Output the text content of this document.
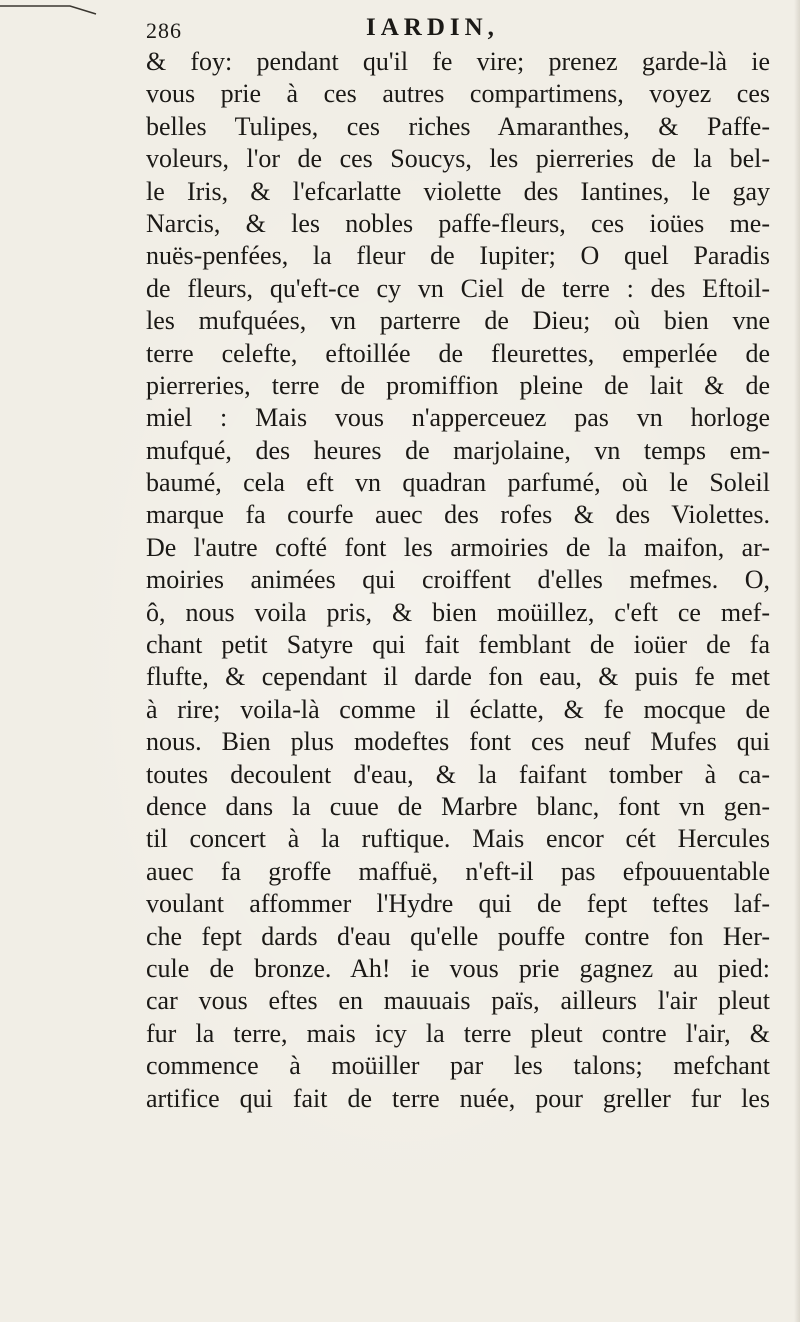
286	IARDIN,
& foy: pendant qu'il fe vire; prenez garde-là ie
vous prie à ces autres compartimens, voyez ces
belles Tulipes, ces riches Amaranthes, & Paffe-
voleurs, l'or de ces Soucys, les pierreries de la bel-
le Iris, & l'efcarlatte violette des Iantines, le gay
Narcis, & les nobles paffe-fleurs, ces ioües me-
nuës-penfées, la fleur de Iupiter; O quel Paradis
de fleurs, qu'eft-ce cy vn Ciel de terre : des Eftoil-
les mufquées, vn parterre de Dieu; où bien vne
terre celefte, eftoillée de fleurettes, emperlée de
pierreries, terre de promiffion pleine de lait & de
miel : Mais vous n'apperceuez pas vn horloge
mufqué, des heures de marjolaine, vn temps em-
baumé, cela eft vn quadran parfumé, où le Soleil
marque fa courfe auec des rofes & des Violettes.
De l'autre cofté font les armoiries de la maifon, ar-
moiries animées qui croiffent d'elles mefmes. O,
ô, nous voila pris, & bien moüillez, c'eft ce mef-
chant petit Satyre qui fait femblant de ioüer de fa
flufte, & cependant il darde fon eau, & puis fe met
à rire; voila-là comme il éclatte, & fe mocque de
nous. Bien plus modeftes font ces neuf Mufes qui
toutes decoulent d'eau, & la faifant tomber à ca-
dence dans la cuue de Marbre blanc, font vn gen-
til concert à la ruftique. Mais encor cét Hercules
auec fa groffe maffuë, n'eft-il pas efpouuentable
voulant affommer l'Hydre qui de fept teftes laf-
che fept dards d'eau qu'elle pouffe contre fon Her-
cule de bronze. Ah! ie vous prie gagnez au pied:
car vous eftes en mauuais païs, ailleurs l'air pleut
fur la terre, mais icy la terre pleut contre l'air, &
commence à moüiller par les talons; mefchant
artifice qui fait de terre nuée, pour greller fur les
